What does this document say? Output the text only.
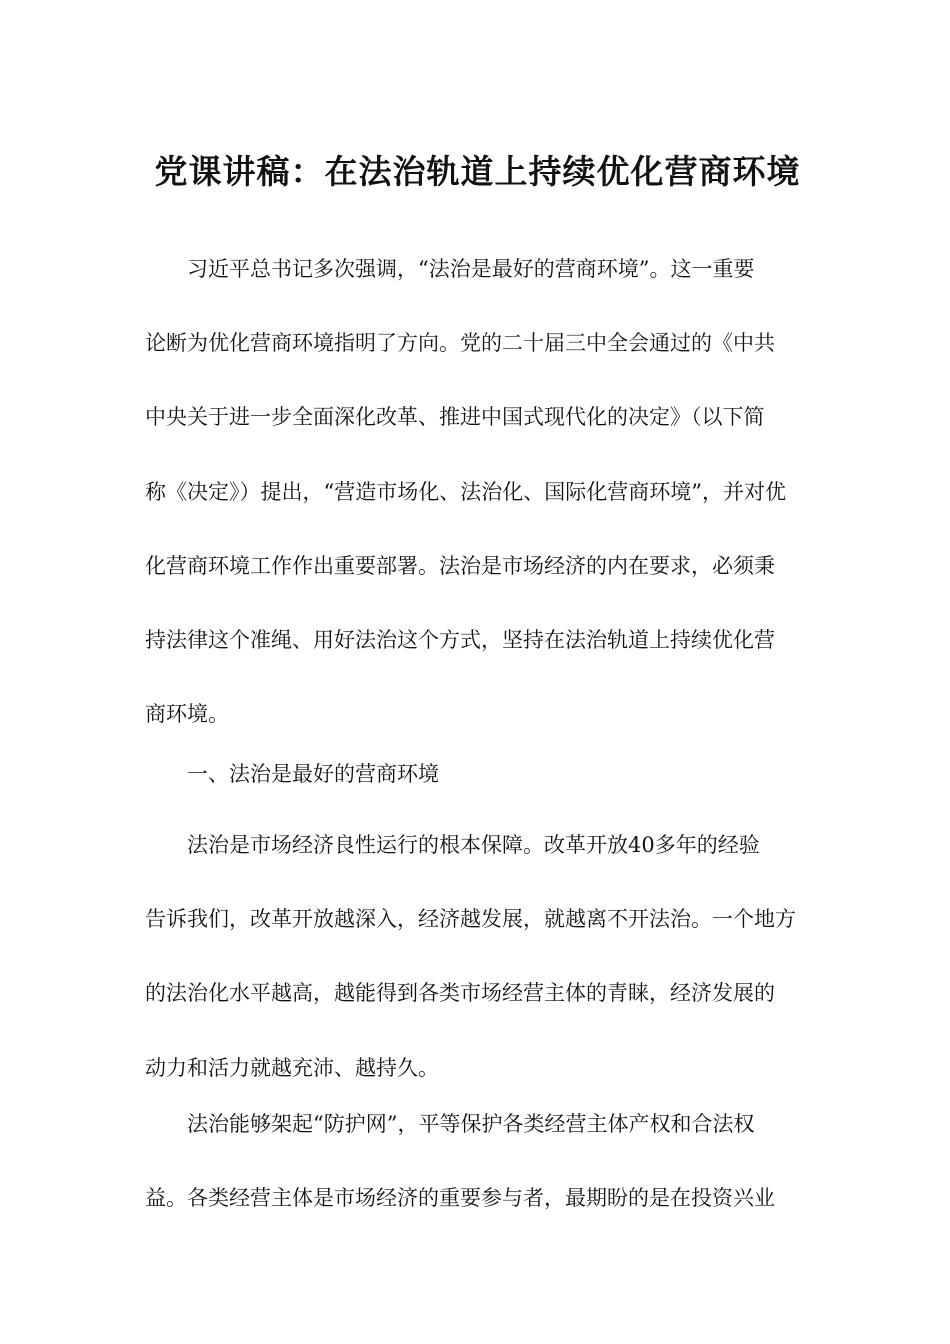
党课讲稿：在法治轨道上持续优化营商环境
　　习近平总书记多次强调，“法治是最好的营商环境”。这一重要
论断为优化营商环境指明了方向。党的二十届三中全会通过的《中共
中央关于进一步全面深化改革、推进中国式现代化的决定》（以下简
称《决定》）提出，“营造市场化、法治化、国际化营商环境”，并对优
化营商环境工作作出重要部署。法治是市场经济的内在要求，必须秉
持法律这个准绳、用好法治这个方式，坚持在法治轨道上持续优化营
商环境。
　　一、法治是最好的营商环境
　　法治是市场经济良性运行的根本保障。改革开放40多年的经验
告诉我们，改革开放越深入，经济越发展，就越离不开法治。一个地方
的法治化水平越高，越能得到各类市场经营主体的青睐，经济发展的
动力和活力就越充沛、越持久。
　　法治能够架起“防护网”，平等保护各类经营主体产权和合法权
益。各类经营主体是市场经济的重要参与者，最期盼的是在投资兴业
